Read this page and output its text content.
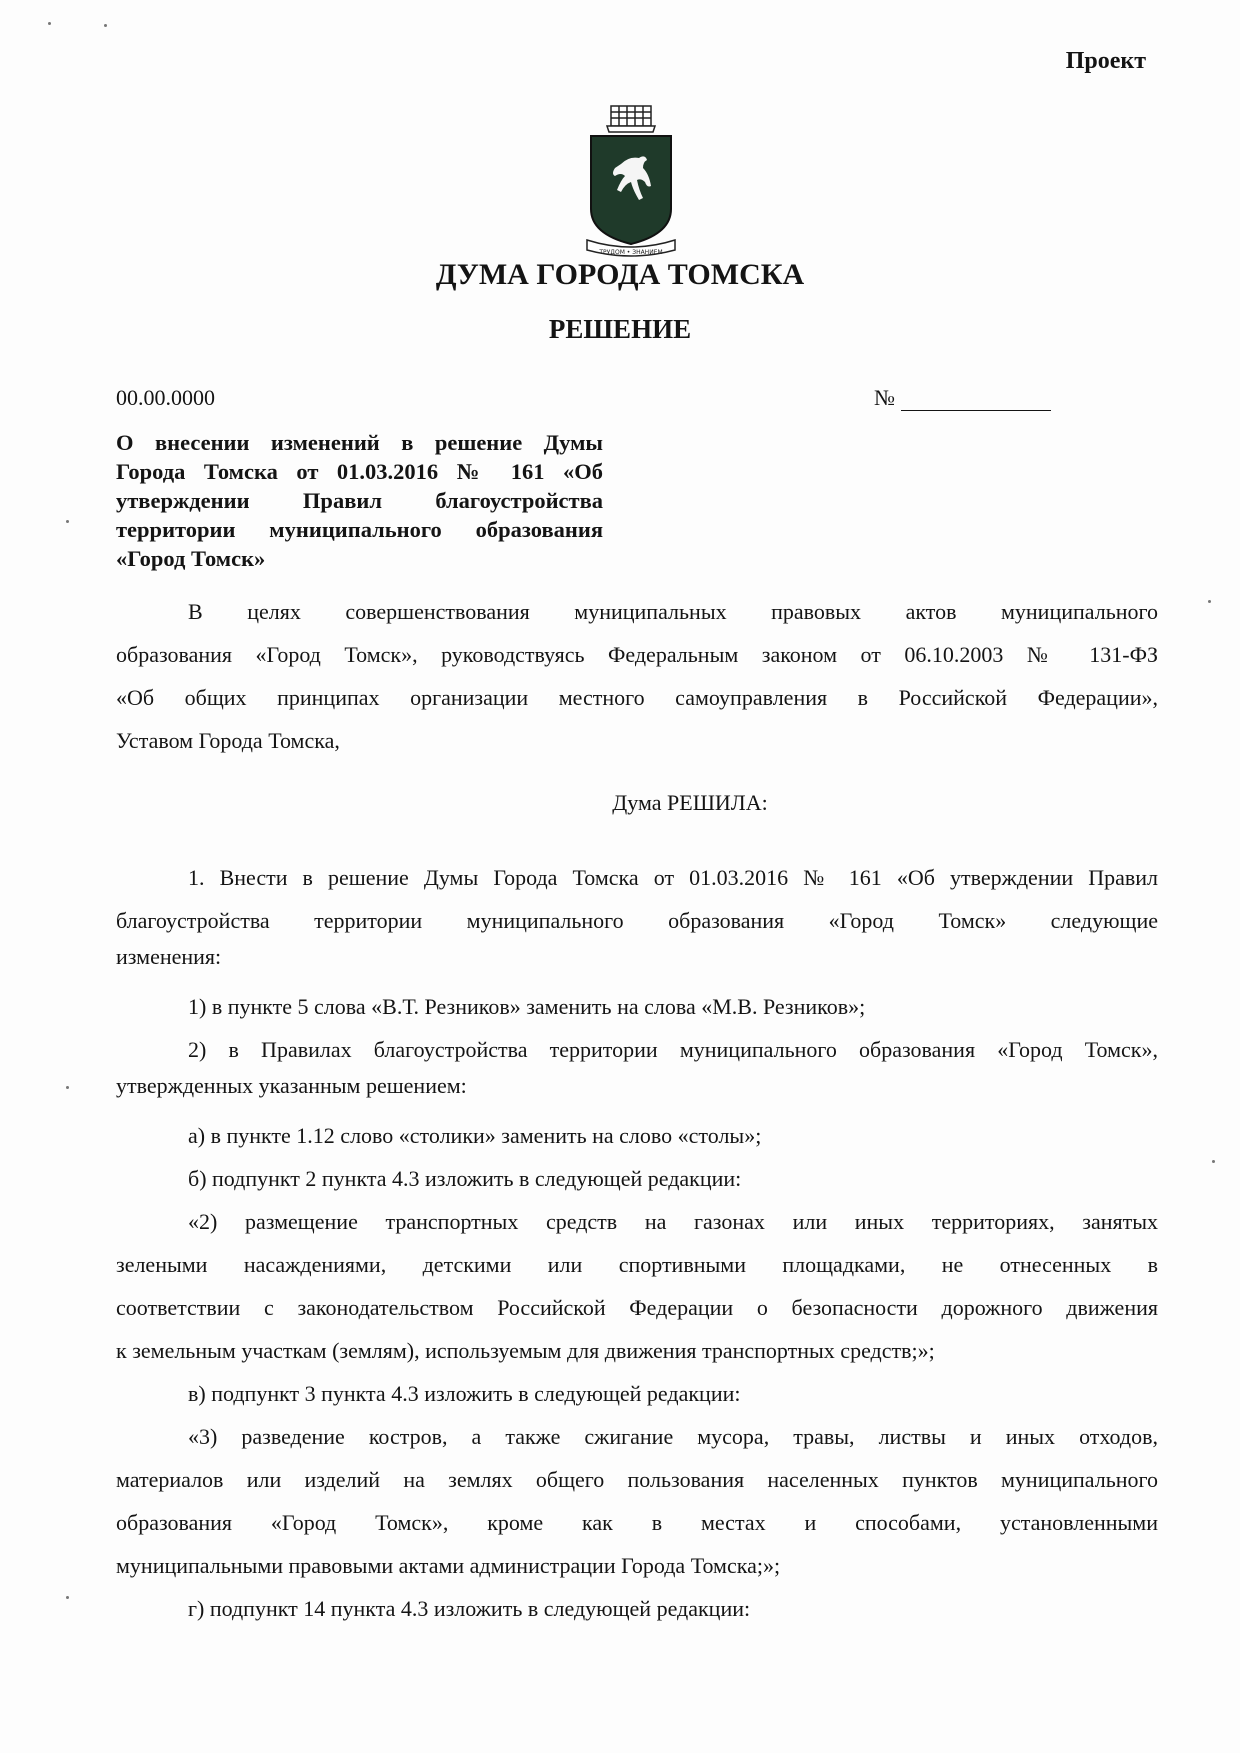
Проект
ТРУДОМ • ЗНАНИЕМ
ДУМА ГОРОДА ТОМСКА
РЕШЕНИЕ
00.00.0000	№
О внесении изменений в решение Думы
Города Томска от 01.03.2016 № 161 «Об
утверждении Правил благоустройства
территории муниципального образования
«Город Томск»
В целях совершенствования муниципальных правовых актов муниципального
образования «Город Томск», руководствуясь Федеральным законом от 06.10.2003 № 131-ФЗ
«Об общих принципах организации местного самоуправления в Российской Федерации»,
Уставом Города Томска,
Дума РЕШИЛА:
1. Внести в решение Думы Города Томска от 01.03.2016 № 161 «Об утверждении Правил
благоустройства территории муниципального образования «Город Томск» следующие
изменения:
1) в пункте 5 слова «В.Т. Резников» заменить на слова «М.В. Резников»;
2) в Правилах благоустройства территории муниципального образования «Город Томск»,
утвержденных указанным решением:
а) в пункте 1.12 слово «столики» заменить на слово «столы»;
б) подпункт 2 пункта 4.3 изложить в следующей редакции:
«2) размещение транспортных средств на газонах или иных территориях, занятых
зелеными насаждениями, детскими или спортивными площадками, не отнесенных в
соответствии с законодательством Российской Федерации о безопасности дорожного движения
к земельным участкам (землям), используемым для движения транспортных средств;»;
в) подпункт 3 пункта 4.3 изложить в следующей редакции:
«3) разведение костров, а также сжигание мусора, травы, листвы и иных отходов,
материалов или изделий на землях общего пользования населенных пунктов муниципального
образования «Город Томск», кроме как в местах и способами, установленными
муниципальными правовыми актами администрации Города Томска;»;
г) подпункт 14 пункта 4.3 изложить в следующей редакции:
